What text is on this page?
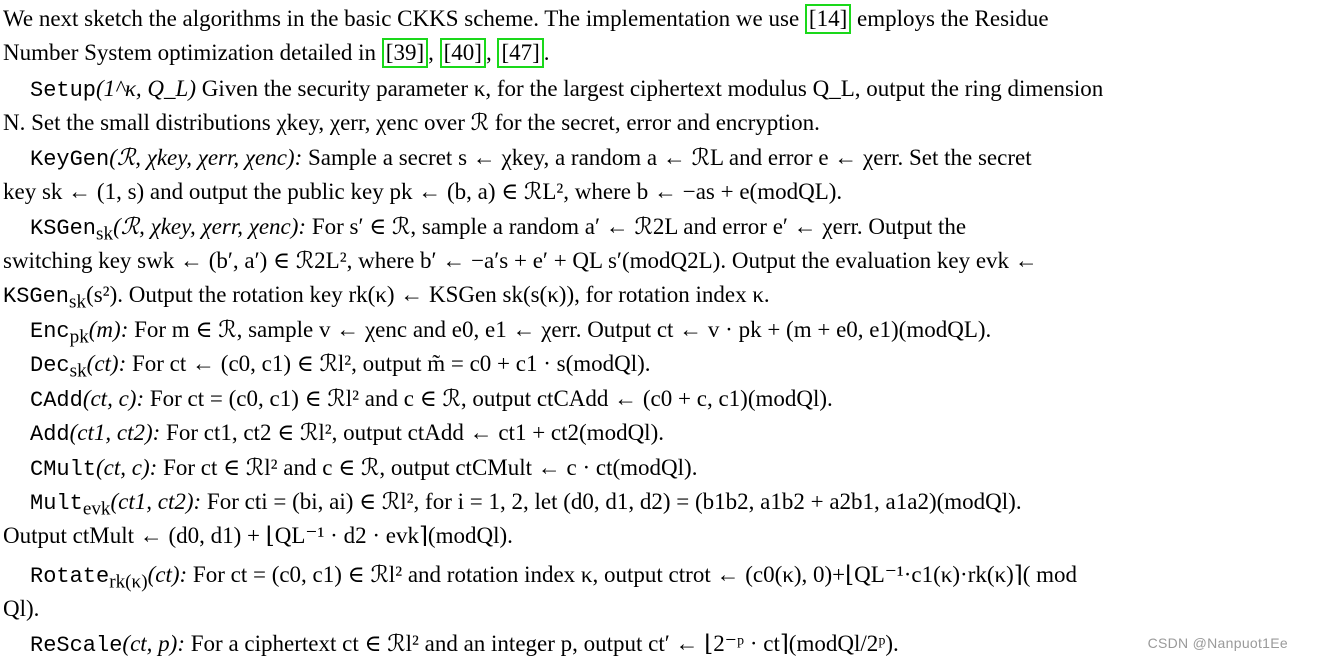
We next sketch the algorithms in the basic CKKS scheme. The implementation we use [14] employs the Residue
Number System optimization detailed in [39] , [40] , [47] .
Setup(1^κ, Q_L) Given the security parameter κ, for the largest ciphertext modulus Q_L, output the ring dimension
N. Set the small distributions χkey, χerr, χenc over ℛ for the secret, error and encryption.
KeyGen(ℛ, χkey, χerr, χenc): Sample a secret s ← χkey, a random a ← ℛL and error e ← χerr. Set the secret
key sk ← (1, s) and output the public key pk ← (b, a) ∈ ℛL², where b ← −as + e(modQL).
KSGen$_{sk}$(ℛ, χkey, χerr, χenc): For s′ ∈ ℛ, sample a random a′ ← ℛ2L and error e′ ← χerr. Output the
switching key swk ← (b′, a′) ∈ ℛ2L², where b′ ← −a′s + e′ + QL s′(modQ2L). Output the evaluation key evk ←
KSGen$_{sk}$(s²). Output the rotation key rk(κ) ← KSGen sk(s(κ)), for rotation index κ.
Enc$_{pk}$(m): For m ∈ ℛ, sample v ← χenc and e0, e1 ← χerr. Output ct ← v · pk + (m + e0, e1)(modQL).
Dec$_{sk}$(ct): For ct ← (c0, c1) ∈ ℛl², output m̃ = c0 + c1 · s(modQl).
CAdd(ct, c): For ct = (c0, c1) ∈ ℛl² and c ∈ ℛ, output ctCAdd ← (c0 + c, c1)(modQl).
Add(ct1, ct2): For ct1, ct2 ∈ ℛl², output ctAdd ← ct1 + ct2(modQl).
CMult(ct, c): For ct ∈ ℛl² and c ∈ ℛ, output ctCMult ← c · ct(modQl).
Mult$_{evk}$(ct1, ct2): For cti = (bi, ai) ∈ ℛl², for i = 1, 2, let (d0, d1, d2) = (b1b2, a1b2 + a2b1, a1a2)(modQl).
Output ctMult ← (d0, d1) + ⌊QL⁻¹ · d2 · evk⌉(modQl).
Rotate$_{rk(\kappa)}$(ct): For ct = (c0, c1) ∈ ℛl² and rotation index κ, output ctrot ← (c0(κ), 0)+⌊QL⁻¹·c1(κ)·rk(κ)⌉( mod
Ql).
ReScale(ct, p): For a ciphertext ct ∈ ℛl² and an integer p, output ct′ ← ⌊2⁻ᵖ · ct⌉(modQl/2ᵖ).	CSDN @Nanpuot1Ee
